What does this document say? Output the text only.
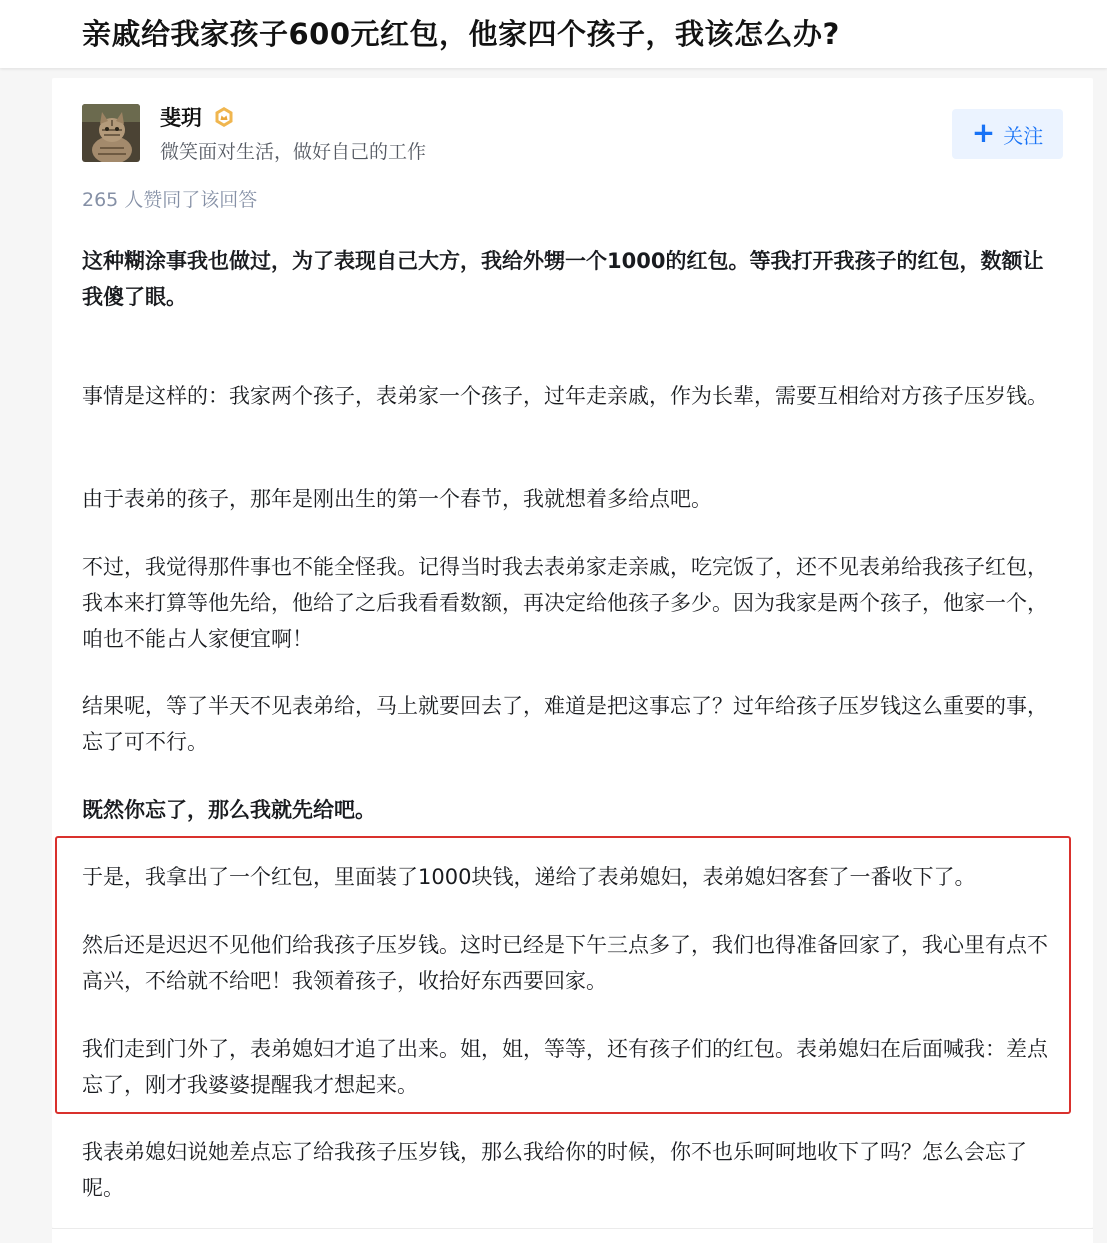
亲戚给我家孩子600元红包，他家四个孩子，我该怎么办?
斐玥
微笑面对生活，做好自己的工作
+ 关注
265 人赞同了该回答

这种糊涂事我也做过，为了表现自己大方，我给外甥一个1000的红包。等我打开我孩子的红包，数额让我傻了眼。

事情是这样的：我家两个孩子，表弟家一个孩子，过年走亲戚，作为长辈，需要互相给对方孩子压岁钱。

由于表弟的孩子，那年是刚出生的第一个春节，我就想着多给点吧。

不过，我觉得那件事也不能全怪我。记得当时我去表弟家走亲戚，吃完饭了，还不见表弟给我孩子红包，我本来打算等他先给，他给了之后我看看数额，再决定给他孩子多少。因为我家是两个孩子，他家一个，咱也不能占人家便宜啊！

结果呢，等了半天不见表弟给，马上就要回去了，难道是把这事忘了？过年给孩子压岁钱这么重要的事，忘了可不行。

既然你忘了，那么我就先给吧。

于是，我拿出了一个红包，里面装了1000块钱，递给了表弟媳妇，表弟媳妇客套了一番收下了。

然后还是迟迟不见他们给我孩子压岁钱。这时已经是下午三点多了，我们也得准备回家了，我心里有点不高兴，不给就不给吧！我领着孩子，收拾好东西要回家。

我们走到门外了，表弟媳妇才追了出来。姐，姐，等等，还有孩子们的红包。表弟媳妇在后面喊我：差点忘了，刚才我婆婆提醒我才想起来。

我表弟媳妇说她差点忘了给我孩子压岁钱，那么我给你的时候，你不也乐呵呵地收下了吗？怎么会忘了呢。
